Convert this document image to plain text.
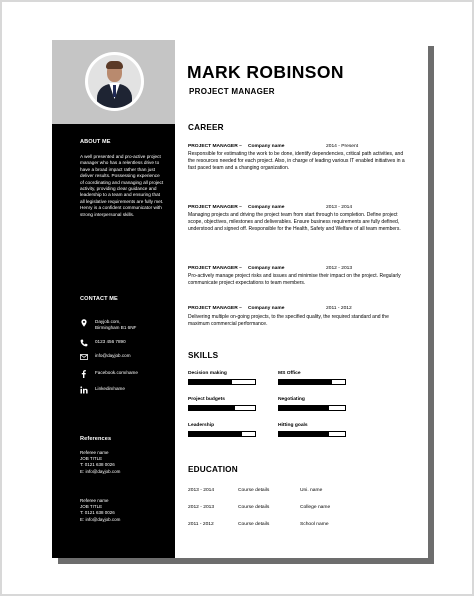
ABOUT ME
A well presented and pro-active project manager who has a relentless drive to have a broad impact rather than just deliver results. Possessing experience of coordinating and managing all project activity, providing clear guidance and leadership to a team and ensuring that all legislative requirements are fully met. Henry is a confident communicator with strong interpersonal skills.
CONTACT ME
Dayjob.com,
Birmingham B1 6NF
0123 456 7890
info@dayjob.com
Facebook.com/name
Linkedin/name
References
Referee name
JOB TITLE
T: 0121 638 0026
E: info@dayjob.com
Referee name
JOB TITLE
T: 0121 638 0026
E: info@dayjob.com
MARK ROBINSON
PROJECT MANAGER
CAREER
PROJECT MANAGER – Company name	2014 - Present
Responsible for estimating the work to be done, identify dependencies, critical path activities, and the resources needed for each project. Also, in charge of leading various IT enabled initiatives in a fast paced team and a changing organization.
PROJECT MANAGER – Company name	2013 - 2014
Managing projects and driving the project team from start through to completion. Define project scope, objectives, milestones and deliverables. Ensure business requirements are fully defined, understood and signed off. Responsible for the Health, Safety and Welfare of all team members.
PROJECT MANAGER – Company name	2012 - 2013
Pro-actively manage project risks and issues and minimise their impact on the project. Regularly communicate project expectations to team members.
PROJECT MANAGER – Company name	2011 - 2012
Delivering multiple on-going projects, to the specified quality, the required standard and the maximum commercial performance.
SKILLS
Decision making	MS Office
Project budgets	Negotiating
Leadership	Hitting goals
EDUCATION
2013 - 2014	Course details	Uni. name
2012 - 2013	Course details	College name
2011 - 2012	Course details	School name
